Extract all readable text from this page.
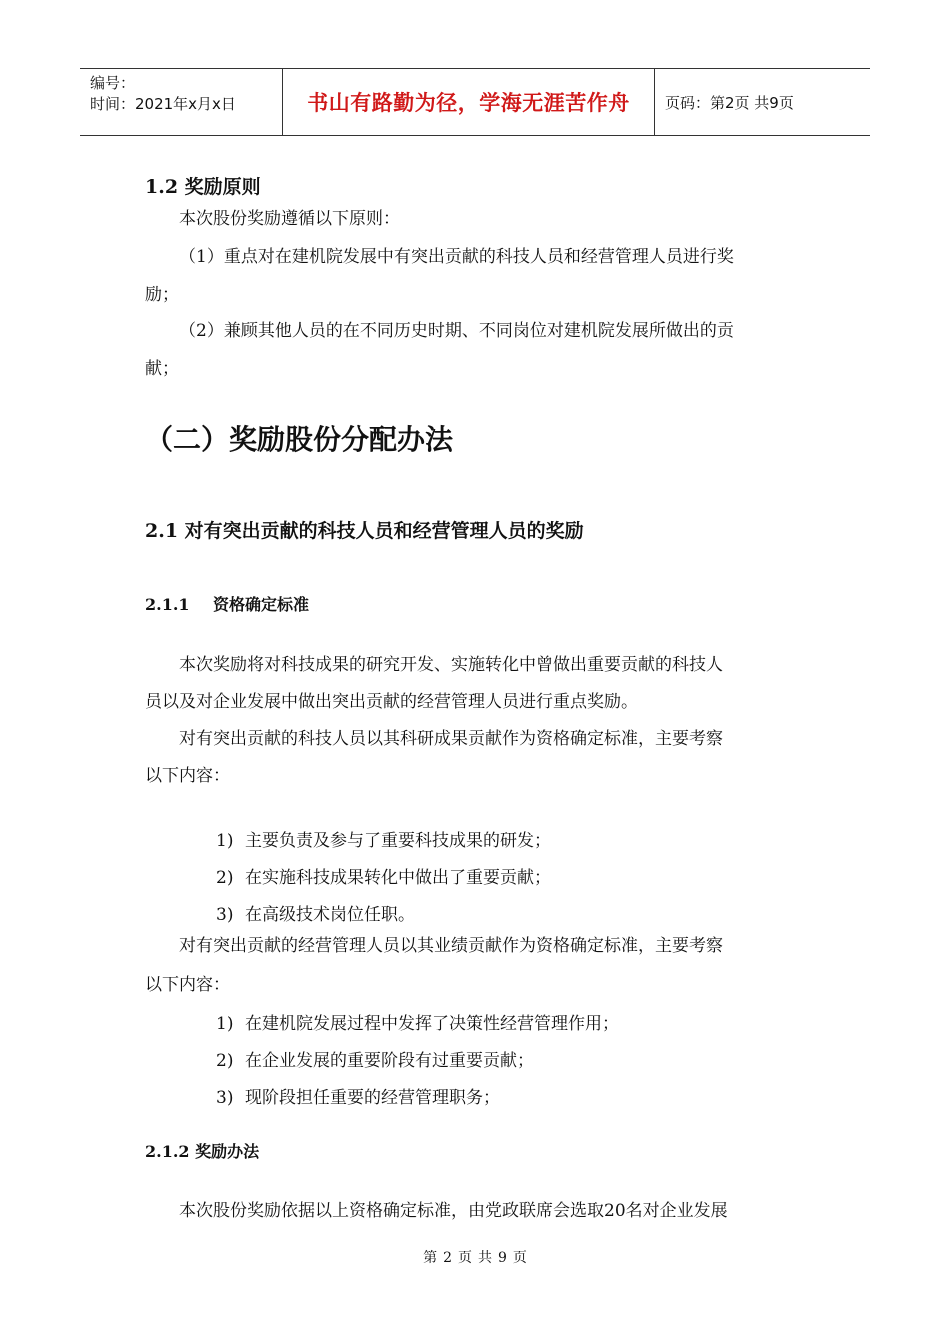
编号：
时间：2021年x月x日	书山有路勤为径，学海无涯苦作舟	页码：第2页 共9页
1.2 奖励原则
本次股份奖励遵循以下原则：
（1）重点对在建机院发展中有突出贡献的科技人员和经营管理人员进行奖
励；
（2）兼顾其他人员的在不同历史时期、不同岗位对建机院发展所做出的贡
献；
（二）奖励股份分配办法
2.1 对有突出贡献的科技人员和经营管理人员的奖励
2.1.1 资格确定标准
本次奖励将对科技成果的研究开发、实施转化中曾做出重要贡献的科技人
员以及对企业发展中做出突出贡献的经营管理人员进行重点奖励。
对有突出贡献的科技人员以其科研成果贡献作为资格确定标准，主要考察
以下内容：
1) 主要负责及参与了重要科技成果的研发；
2) 在实施科技成果转化中做出了重要贡献；
3) 在高级技术岗位任职。
对有突出贡献的经营管理人员以其业绩贡献作为资格确定标准，主要考察
以下内容：
1) 在建机院发展过程中发挥了决策性经营管理作用；
2) 在企业发展的重要阶段有过重要贡献；
3) 现阶段担任重要的经营管理职务；
2.1.2 奖励办法
本次股份奖励依据以上资格确定标准，由党政联席会选取20名对企业发展
第 2 页 共 9 页
